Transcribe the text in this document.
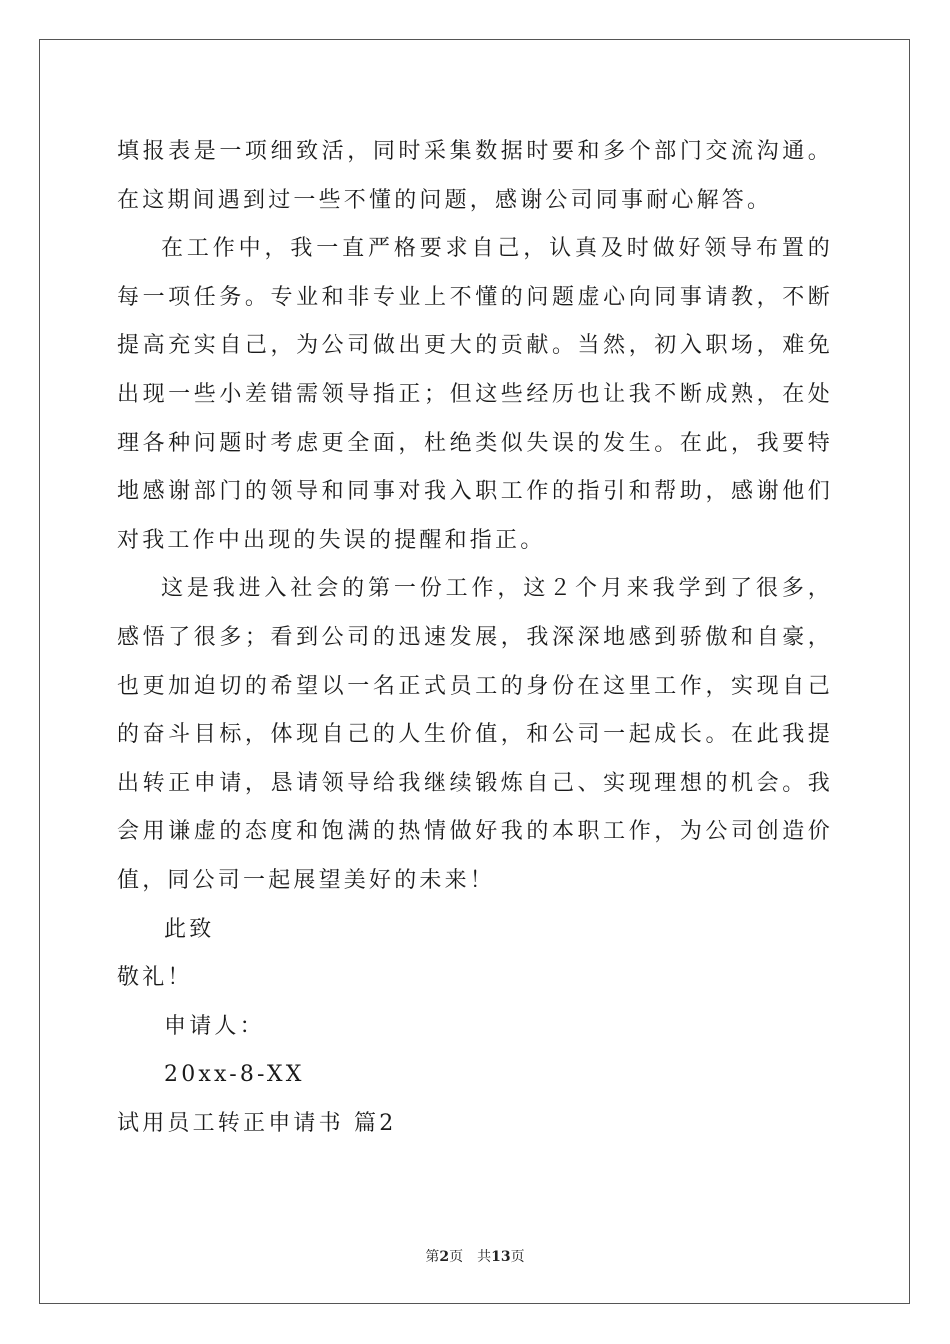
填报表是一项细致活，同时采集数据时要和多个部门交流沟通。在这期间遇到过一些不懂的问题，感谢公司同事耐心解答。

在工作中，我一直严格要求自己，认真及时做好领导布置的每一项任务。专业和非专业上不懂的问题虚心向同事请教，不断提高充实自己，为公司做出更大的贡献。当然，初入职场，难免出现一些小差错需领导指正；但这些经历也让我不断成熟，在处理各种问题时考虑更全面，杜绝类似失误的发生。在此，我要特地感谢部门的领导和同事对我入职工作的指引和帮助，感谢他们对我工作中出现的失误的提醒和指正。

这是我进入社会的第一份工作，这２个月来我学到了很多，感悟了很多；看到公司的迅速发展，我深深地感到骄傲和自豪，也更加迫切的希望以一名正式员工的身份在这里工作，实现自己的奋斗目标，体现自己的人生价值，和公司一起成长。在此我提出转正申请，恳请领导给我继续锻炼自己、实现理想的机会。我会用谦虚的态度和饱满的热情做好我的本职工作，为公司创造价值，同公司一起展望美好的未来！

此致

敬礼！

申请人：

20xx-8-XX

试用员工转正申请书 篇2

第2页 共13页
